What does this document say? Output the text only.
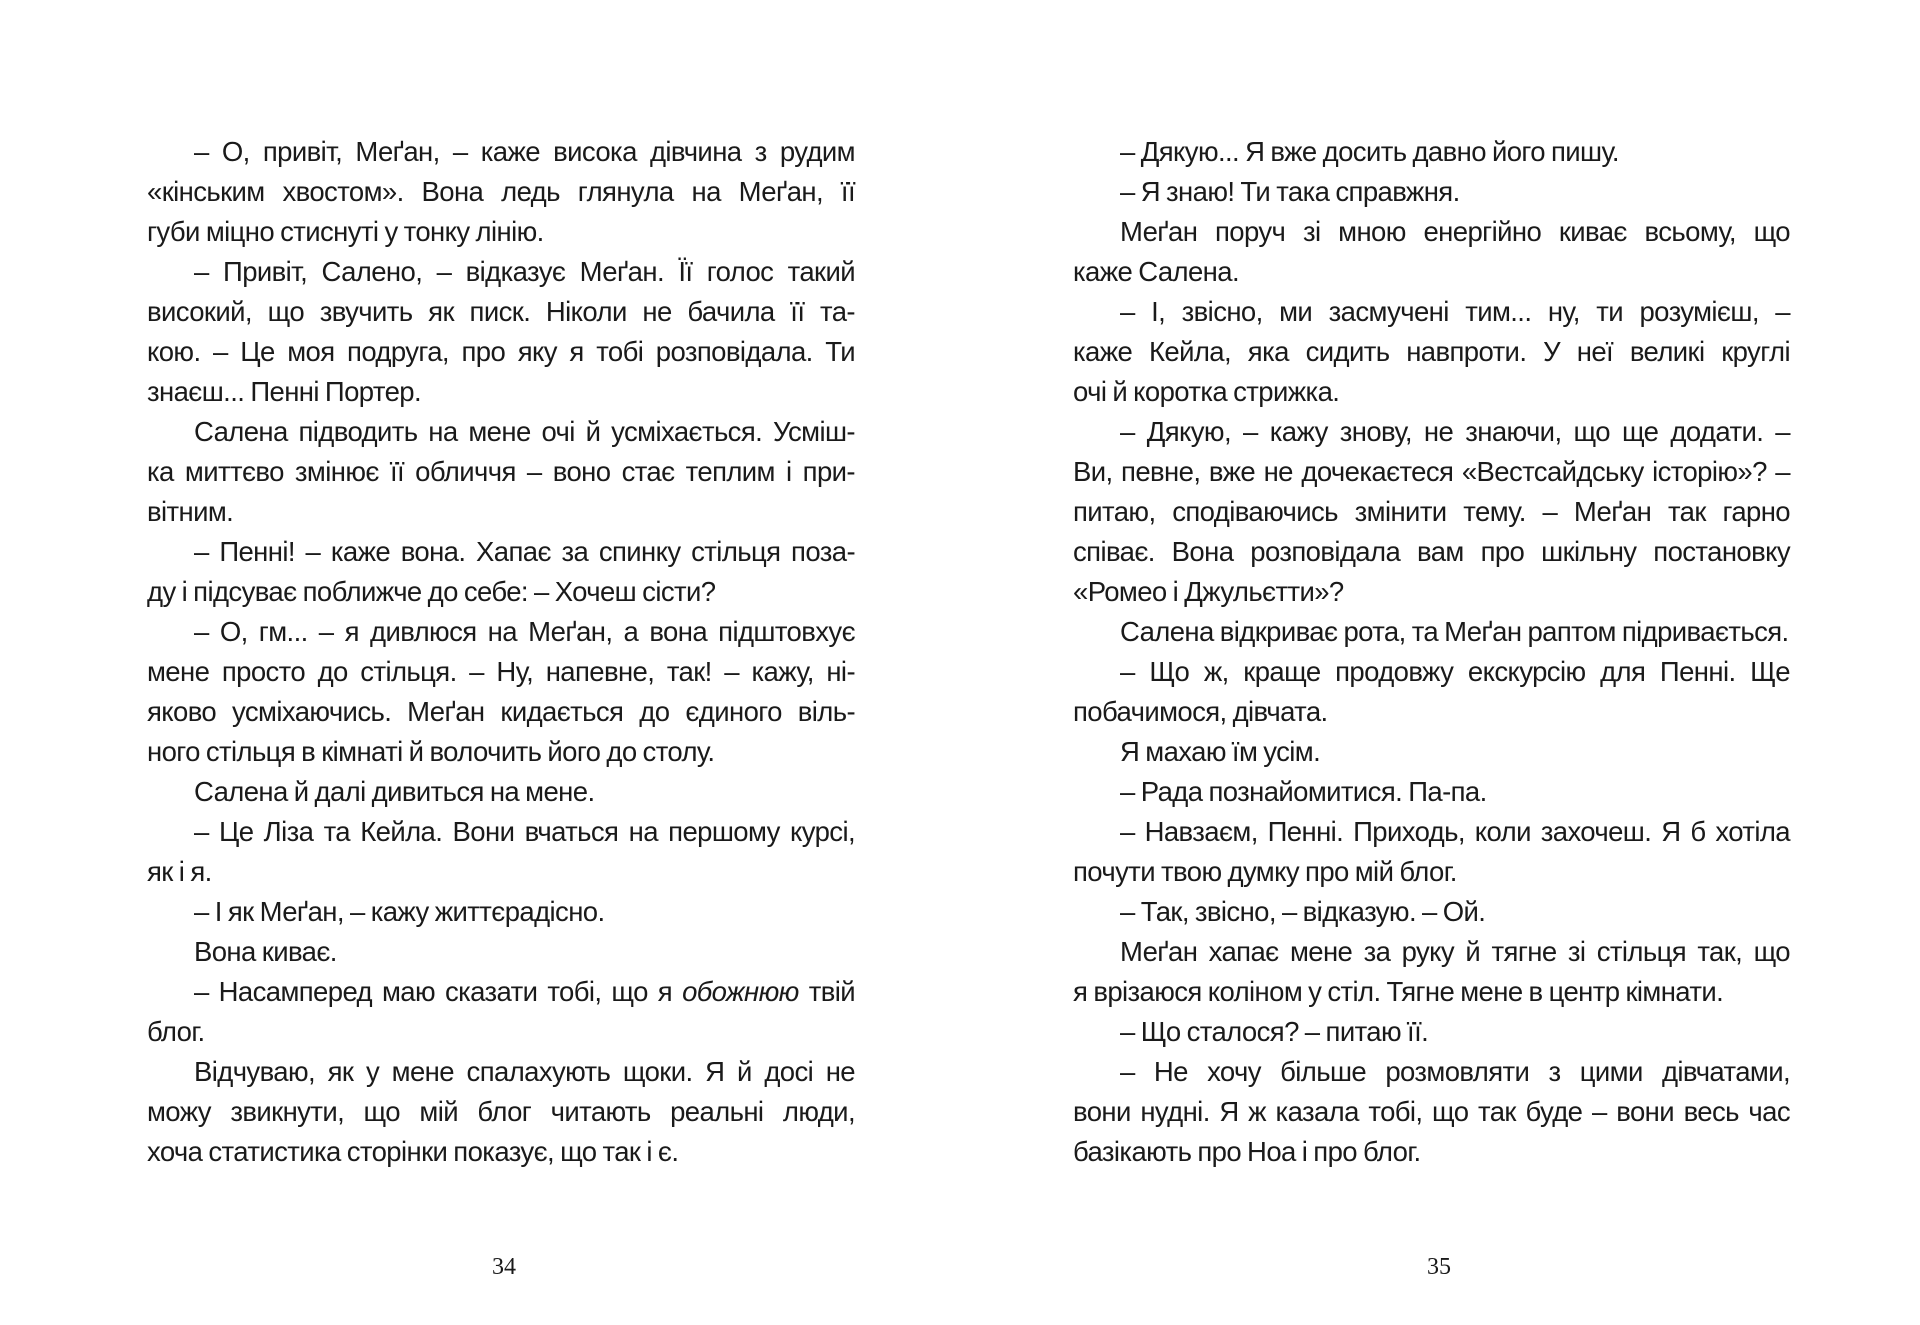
– О, привіт, Меґан, – каже висока дівчина з рудим
«кінським хвостом». Вона ледь глянула на Меґан, її
губи міцно стиснуті у тонку лінію.
– Привіт, Салено, – відказує Меґан. Її голос такий
високий, що звучить як писк. Ніколи не бачила її та-
кою. – Це моя подруга, про яку я тобі розповідала. Ти
знаєш... Пенні Портер.
Салена підводить на мене очі й усміхається. Усміш-
ка миттєво змінює її обличчя – воно стає теплим і при-
вітним.
– Пенні! – каже вона. Хапає за спинку стільця поза-
ду і підсуває поближче до себе: – Хочеш сісти?
– О, гм... – я дивлюся на Меґан, а вона підштовхує
мене просто до стільця. – Ну, напевне, так! – кажу, ні-
яково усміхаючись. Меґан кидається до єдиного віль-
ного стільця в кімнаті й волочить його до столу.
Салена й далі дивиться на мене.
– Це Ліза та Кейла. Вони вчаться на першому курсі,
як і я.
– І як Меґан, – кажу життєрадісно.
Вона киває.
– Насамперед маю сказати тобі, що я обожнюю твій
блог.
Відчуваю, як у мене спалахують щоки. Я й досі не
можу звикнути, що мій блог читають реальні люди,
хоча статистика сторінки показує, що так і є.
– Дякую... Я вже досить давно його пишу.
– Я знаю! Ти така справжня.
Меґан поруч зі мною енергійно киває всьому, що
каже Салена.
– І, звісно, ми засмучені тим... ну, ти розумієш, –
каже Кейла, яка сидить навпроти. У неї великі круглі
очі й коротка стрижка.
– Дякую, – кажу знову, не знаючи, що ще додати. –
Ви, певне, вже не дочекаєтеся «Вестсайдську історію»? –
питаю, сподіваючись змінити тему. – Меґан так гарно
співає. Вона розповідала вам про шкільну постановку
«Ромео і Джульєтти»?
Салена відкриває рота, та Меґан раптом підривається.
– Що ж, краще продовжу екскурсію для Пенні. Ще
побачимося, дівчата.
Я махаю їм усім.
– Рада познайомитися. Па-па.
– Навзаєм, Пенні. Приходь, коли захочеш. Я б хотіла
почути твою думку про мій блог.
– Так, звісно, – відказую. – Ой.
Меґан хапає мене за руку й тягне зі стільця так, що
я врізаюся коліном у стіл. Тягне мене в центр кімнати.
– Що сталося? – питаю її.
– Не хочу більше розмовляти з цими дівчатами,
вони нудні. Я ж казала тобі, що так буде – вони весь час
базікають про Ноа і про блог.
34	35
